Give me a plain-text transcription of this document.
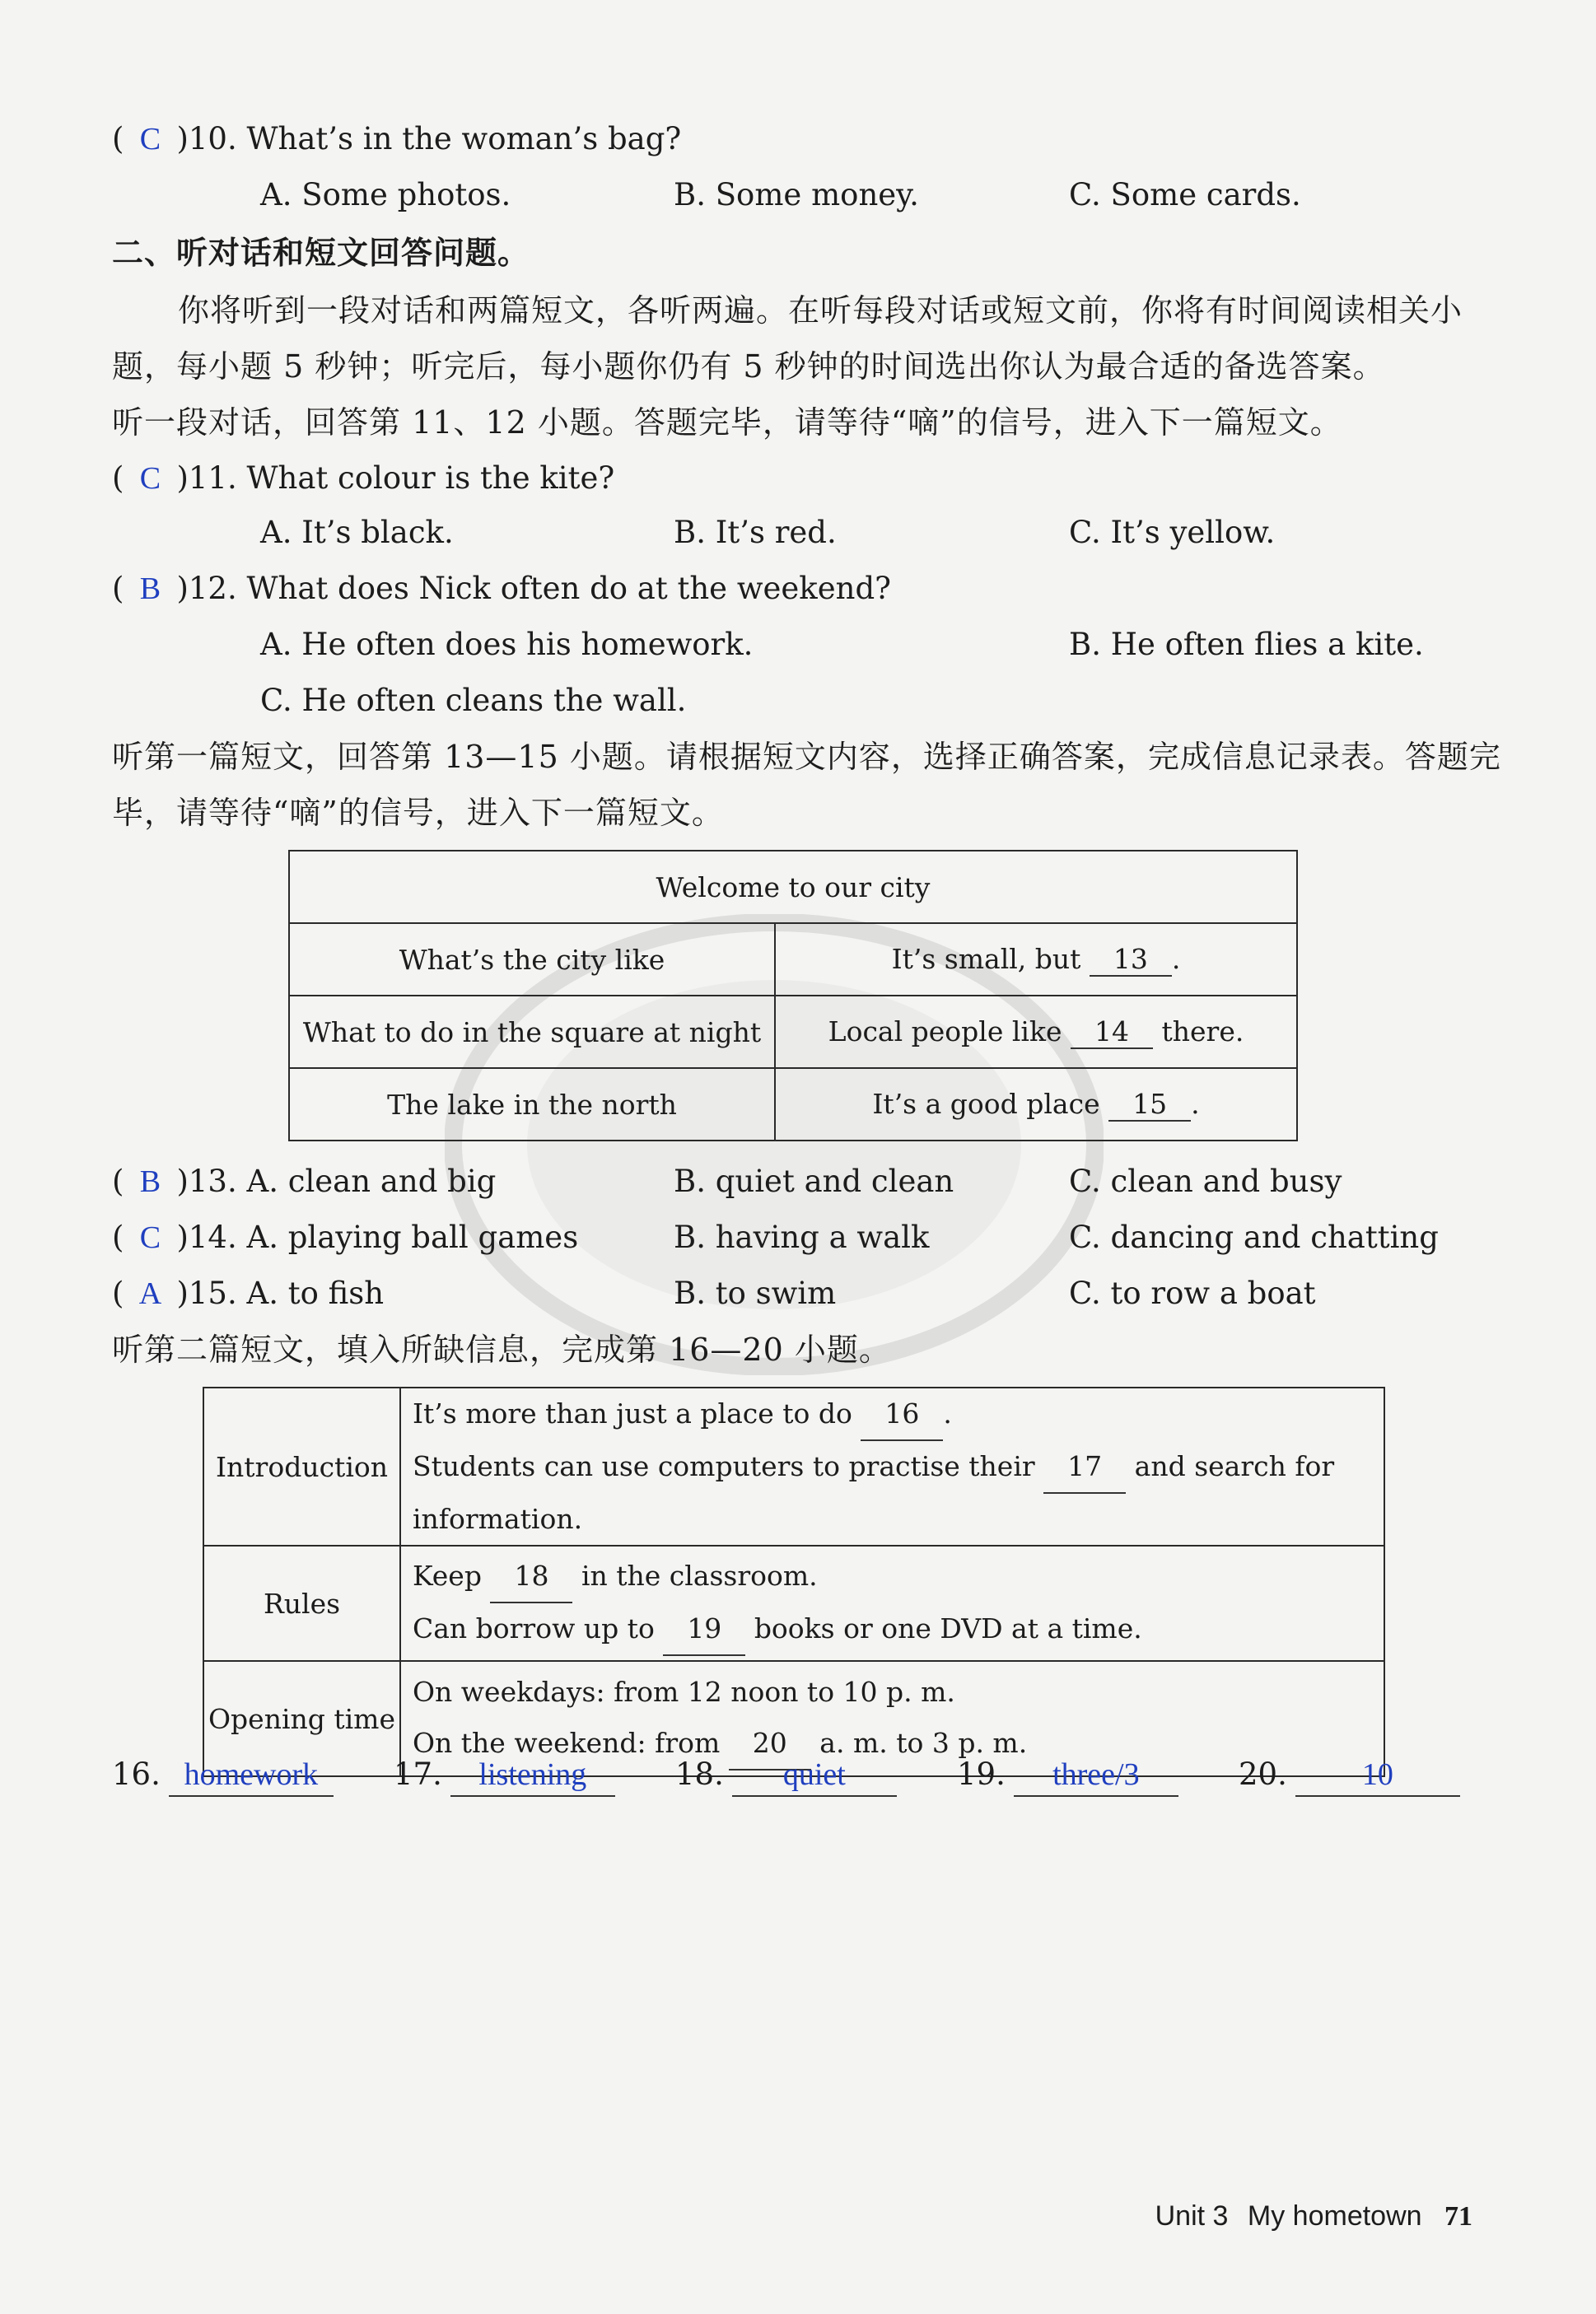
( C )10. What’s in the woman’s bag?
A. Some photos.	B. Some money.	C. Some cards.
二、听对话和短文回答问题。
你将听到一段对话和两篇短文，各听两遍。在听每段对话或短文前，你将有时间阅读相关小
题，每小题 5 秒钟；听完后，每小题你仍有 5 秒钟的时间选出你认为最合适的备选答案。
听一段对话，回答第 11、12 小题。答题完毕，请等待“嘀”的信号，进入下一篇短文。
( C )11. What colour is the kite?
A. It’s black.	B. It’s red.	C. It’s yellow.
( B )12. What does Nick often do at the weekend?
A. He often does his homework.	B. He often flies a kite.
C. He often cleans the wall.
听第一篇短文，回答第 13—15 小题。请根据短文内容，选择正确答案，完成信息记录表。答题完
毕，请等待“嘀”的信号，进入下一篇短文。
Welcome to our city	
What’s the city like	It’s small, but 13 .
What to do in the square at night	Local people like 14 there.
The lake in the north	It’s a good place 15 .
( B )13. A. clean and big	B. quiet and clean	C. clean and busy
( C )14. A. playing ball games	B. having a walk	C. dancing and chatting
( A )15. A. to fish	B. to swim	C. to row a boat
听第二篇短文，填入所缺信息，完成第 16—20 小题。
Introduction	It’s more than just a place to do 16 .
Students can use computers to practise their 17 and search for information.

Rules	Keep 18 in the classroom.
Can borrow up to 19 books or one DVD at a time.

Opening time	On weekdays: from 12 noon to 10 p. m.
On the weekend: from 20 a. m. to 3 p. m.
16. homework	17. listening	18. quiet	19. three/3	20. 10
Unit 3 My hometown 71
